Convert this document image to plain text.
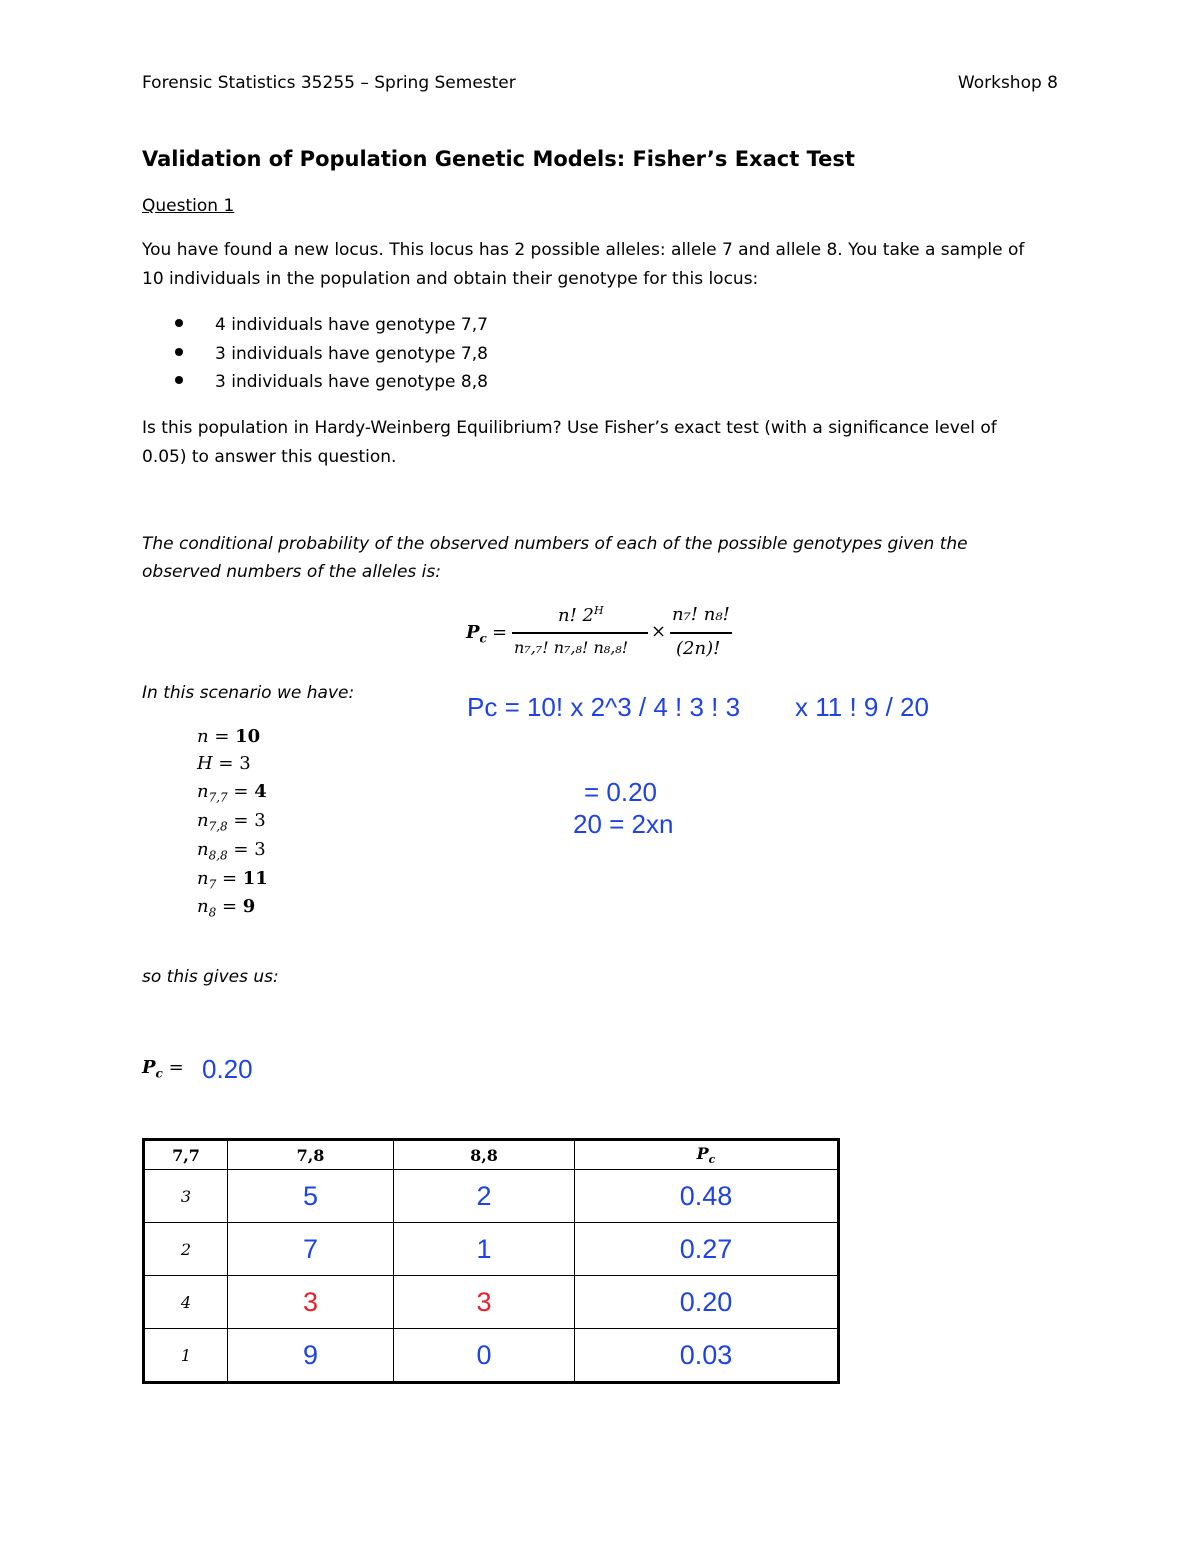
Forensic Statistics 35255 – Spring Semester	Workshop 8
Validation of Population Genetic Models: Fisher’s Exact Test
Question 1
You have found a new locus. This locus has 2 possible alleles: allele 7 and allele 8. You take a sample of
10 individuals in the population and obtain their genotype for this locus:
4 individuals have genotype 7,7
3 individuals have genotype 7,8
3 individuals have genotype 8,8
Is this population in Hardy-Weinberg Equilibrium? Use Fisher’s exact test (with a significance level of
0.05) to answer this question.
The conditional probability of the observed numbers of each of the possible genotypes given the
observed numbers of the alleles is:
$P_c$ =
n! $2^H$
n₇,₇! n₇,₈! n₈,₈!
×
n₇! n₈!
(2n)!
In this scenario we have:	Pc = 10! x 2^3 / 4 ! 3 ! 3 x 11 ! 9 / 20
= 0.20
20 = 2xn
n = 10
H = 3
$n_{7,7} = 4$
$n_{7,8} = 3$
$n_{8,8} = 3$
$n_7 = 11$
$n_8 = 9$
so this gives us:
$P_c = 0.20$
7,7	7,8	8,8	$P_c$
3	5	2	0.48
2	7	1	0.27
4	3	3	0.20
1	9	0	0.03
